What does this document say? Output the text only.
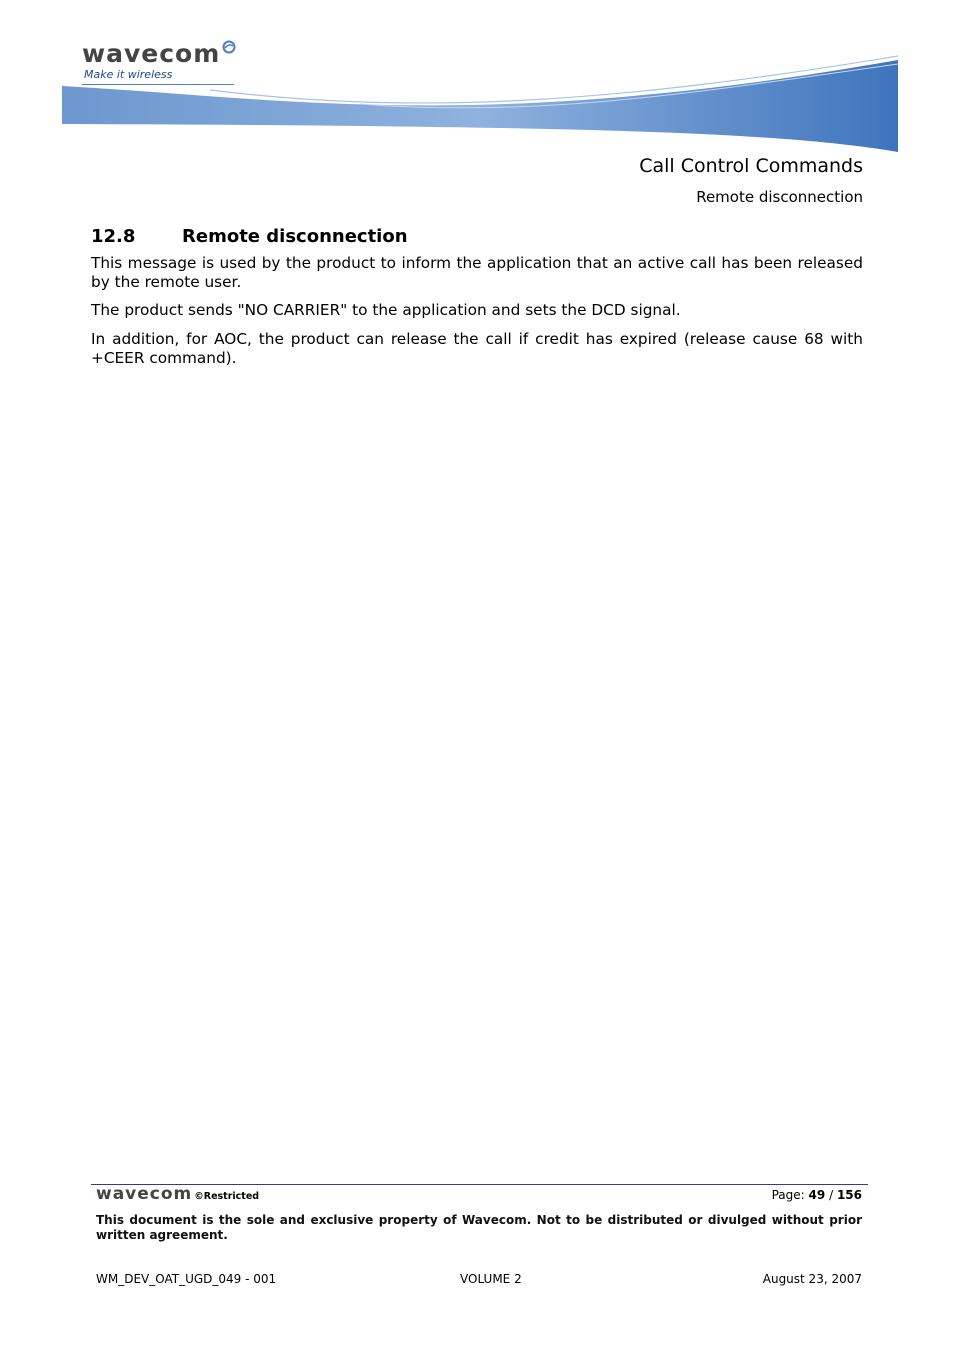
wavecom
Make it wireless
Call Control Commands
Remote disconnection
12.8	Remote disconnection
This message is used by the product to inform the application that an active call has been released by the remote user.
The product sends "NO CARRIER" to the application and sets the DCD signal.
In addition, for AOC, the product can release the call if credit has expired (release cause 68 with +CEER command).
wavecom ©Restricted	Page: 49 / 156
This document is the sole and exclusive property of Wavecom. Not to be distributed or divulged without prior written agreement.
WM_DEV_OAT_UGD_049 - 001	VOLUME 2	August 23, 2007
